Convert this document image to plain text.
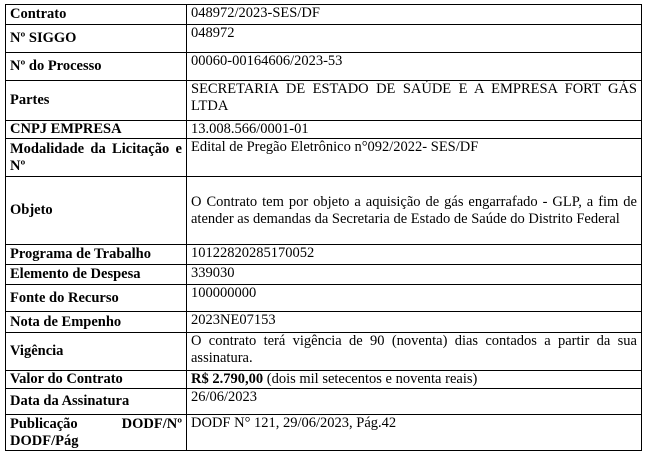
Contrato	048972/2023-SES/DF
Nº SIGGO	048972
Nº do Processo	00060-00164606/2023-53
Partes	SECRETARIA DE ESTADO DE SAÚDE E A EMPRESA FORT GÁS LTDA
CNPJ EMPRESA	13.008.566/0001-01
Modalidade da Licitação e Nº	Edital de Pregão Eletrônico n°092/2022- SES/DF
Objeto	O Contrato tem por objeto a aquisição de gás engarrafado - GLP, a fim de atender as demandas da Secretaria de Estado de Saúde do Distrito Federal
Programa de Trabalho	10122820285170052
Elemento de Despesa	339030
Fonte do Recurso	100000000
Nota de Empenho	2023NE07153
Vigência	O contrato terá vigência de 90 (noventa) dias contados a partir da sua assinatura.
Valor do Contrato	R$ 2.790,00 (dois mil setecentos e noventa reais)
Data da Assinatura	26/06/2023
Publicação DODF/Nº DODF/Pág	DODF N° 121, 29/06/2023, Pág.42
